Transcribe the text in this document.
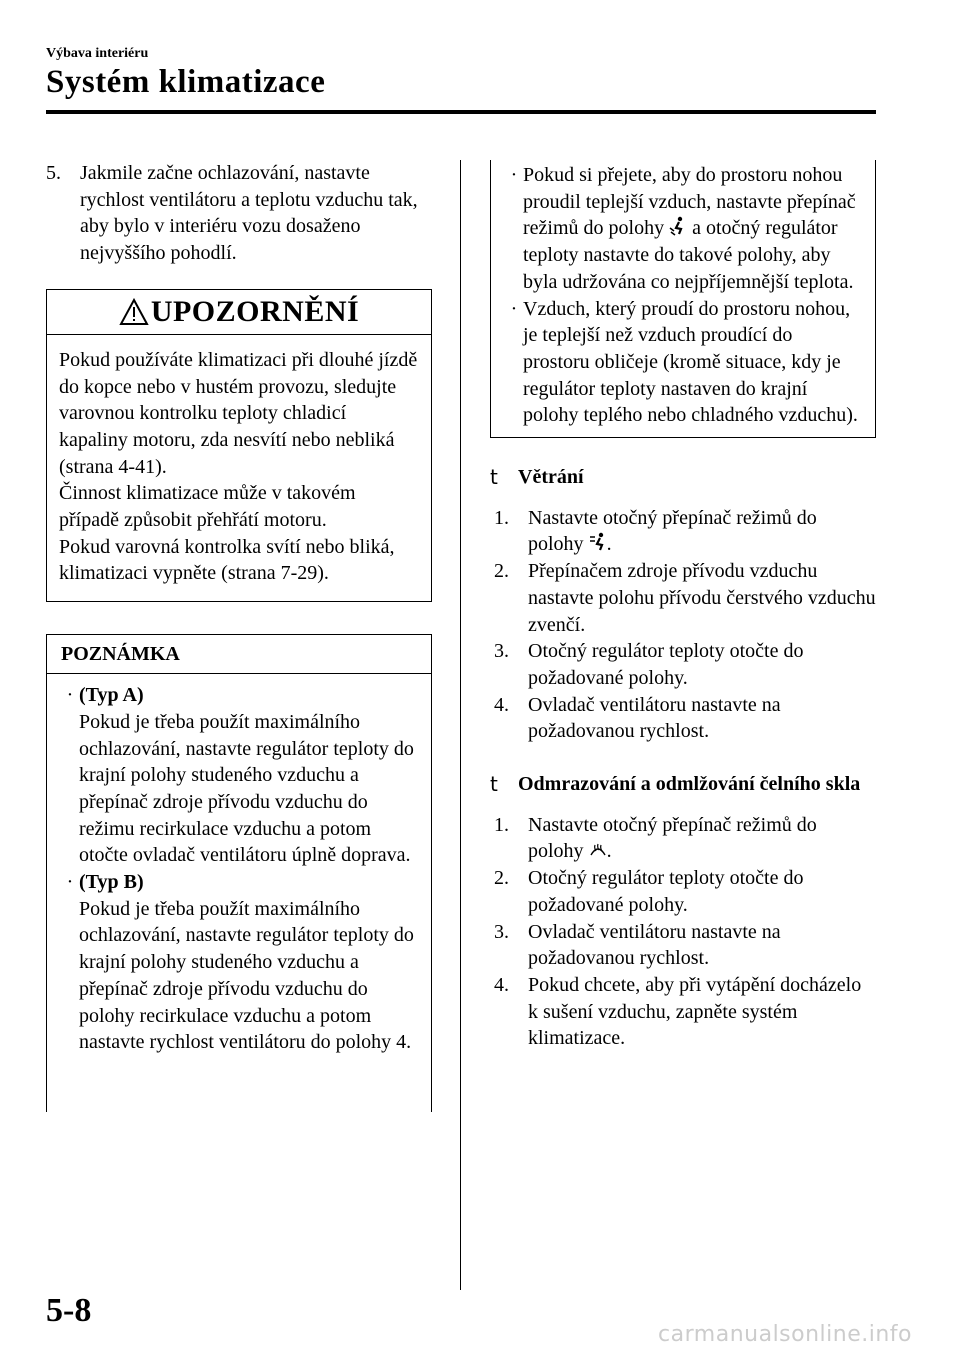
Výbava interiéru
Systém klimatizace
5. Jakmile začne ochlazování, nastavte rychlost ventilátoru a teplotu vzduchu tak, aby bylo v interiéru vozu dosaženo nejvyššího pohodlí.
UPOZORNĚNÍ

Pokud používáte klimatizaci při dlouhé jízdě do kopce nebo v hustém provozu, sledujte varovnou kontrolku teploty chladicí kapaliny motoru, zda nesvítí nebo nebliká (strana 4-41).

Činnost klimatizace může v takovém případě způsobit přehřátí motoru.

Pokud varovná kontrolka svítí nebo bliká, klimatizaci vypněte (strana 7-29).

POZNÁMKA
· (Typ A)
Pokud je třeba použít maximálního ochlazování, nastavte regulátor teploty do krajní polohy studeného vzduchu a přepínač zdroje přívodu vzduchu do režimu recirkulace vzduchu a potom otočte ovladač ventilátoru úplně doprava.
· (Typ B)
Pokud je třeba použít maximálního ochlazování, nastavte regulátor teploty do krajní polohy studeného vzduchu a přepínač zdroje přívodu vzduchu do polohy recirkulace vzduchu a potom nastavte rychlost ventilátoru do polohy 4.
· Pokud si přejete, aby do prostoru nohou proudil teplejší vzduch, nastavte přepínač režimů do polohy a otočný regulátor teploty nastavte do takové polohy, aby byla udržována co nejpříjemnější teplota.
· Vzduch, který proudí do prostoru nohou, je teplejší než vzduch proudící do prostoru obličeje (kromě situace, kdy je regulátor teploty nastaven do krajní polohy teplého nebo chladného vzduchu).
t	Větrání
1. Nastavte otočný přepínač režimů do polohy .
2. Přepínačem zdroje přívodu vzduchu nastavte polohu přívodu čerstvého vzduchu zvenčí.
3. Otočný regulátor teploty otočte do požadované polohy.
4. Ovladač ventilátoru nastavte na požadovanou rychlost.
t	Odmrazování a odmlžování čelního skla
1. Nastavte otočný přepínač režimů do polohy .
2. Otočný regulátor teploty otočte do požadované polohy.
3. Ovladač ventilátoru nastavte na požadovanou rychlost.
4. Pokud chcete, aby při vytápění docházelo k sušení vzduchu, zapněte systém klimatizace.
5-8
carmanualsonline.info
